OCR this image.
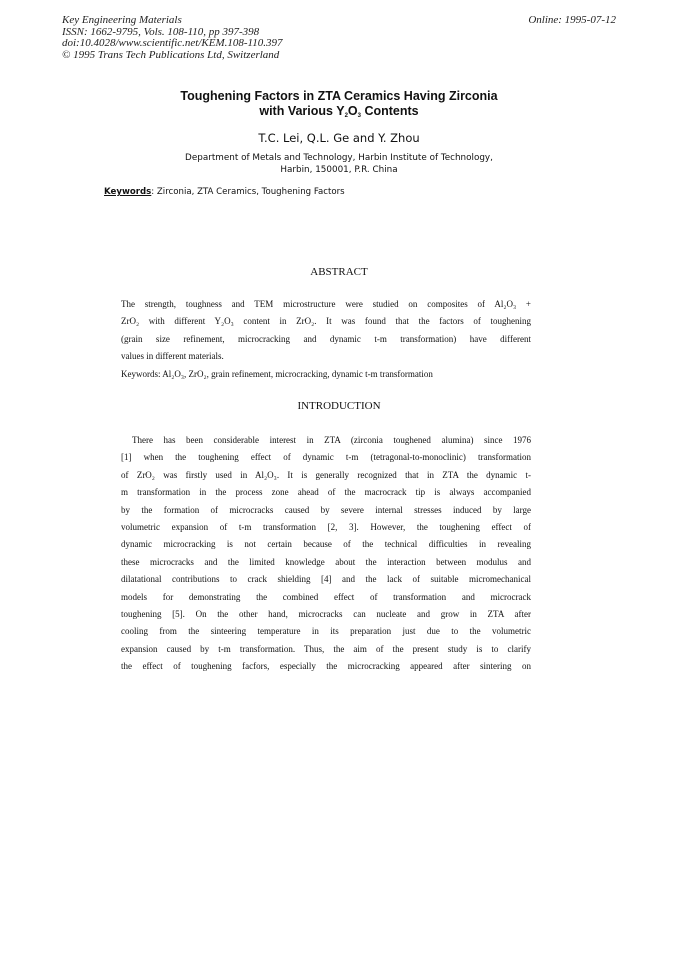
Key Engineering Materials
ISSN: 1662-9795, Vols. 108-110, pp 397-398
doi:10.4028/www.scientific.net/KEM.108-110.397
© 1995 Trans Tech Publications Ltd, Switzerland
Online: 1995-07-12
Toughening Factors in ZTA Ceramics Having Zirconia
with Various $Y_2O_3$ Contents
T.C. Lei, Q.L. Ge and Y. Zhou
Department of Metals and Technology, Harbin Institute of Technology,
Harbin, 150001, P.R. China
Keywords: Zirconia, ZTA Ceramics, Toughening Factors
ABSTRACT
The strength, toughness and TEM microstructure were studied on composites of Al₂O₃ +
ZrO₂ with different Y₂O₃ content in ZrO₂. It was found that the factors of toughening
(grain size refinement, microcracking and dynamic t-m transformation) have different
values in different materials.
Keywords: Al₂O₃, ZrO₂, grain refinement, microcracking, dynamic t-m transformation
INTRODUCTION
There has been considerable interest in ZTA (zirconia toughened alumina) since 1976
[1] when the toughening effect of dynamic t-m (tetragonal-to-monoclinic) transformation
of ZrO₂ was firstly used in Al₂O₃. It is generally recognized that in ZTA the dynamic t-
m transformation in the process zone ahead of the macrocrack tip is always accompanied
by the formation of microcracks caused by severe internal stresses induced by large
volumetric expansion of t-m transformation [2, 3]. However, the toughening effect of
dynamic microcracking is not certain because of the technical difficulties in revealing
these microcracks and the limited knowledge about the interaction between modulus and
dilatational contributions to crack shielding [4] and the lack of suitable micromechanical
models for demonstrating the combined effect of transformation and microcrack
toughening [5]. On the other hand, microcracks can nucleate and grow in ZTA after
cooling from the sinteering temperature in its preparation just due to the volumetric
expansion caused by t-m transformation. Thus, the aim of the present study is to clarify
the effect of toughening facfors, especially the microcracking appeared after sintering on
